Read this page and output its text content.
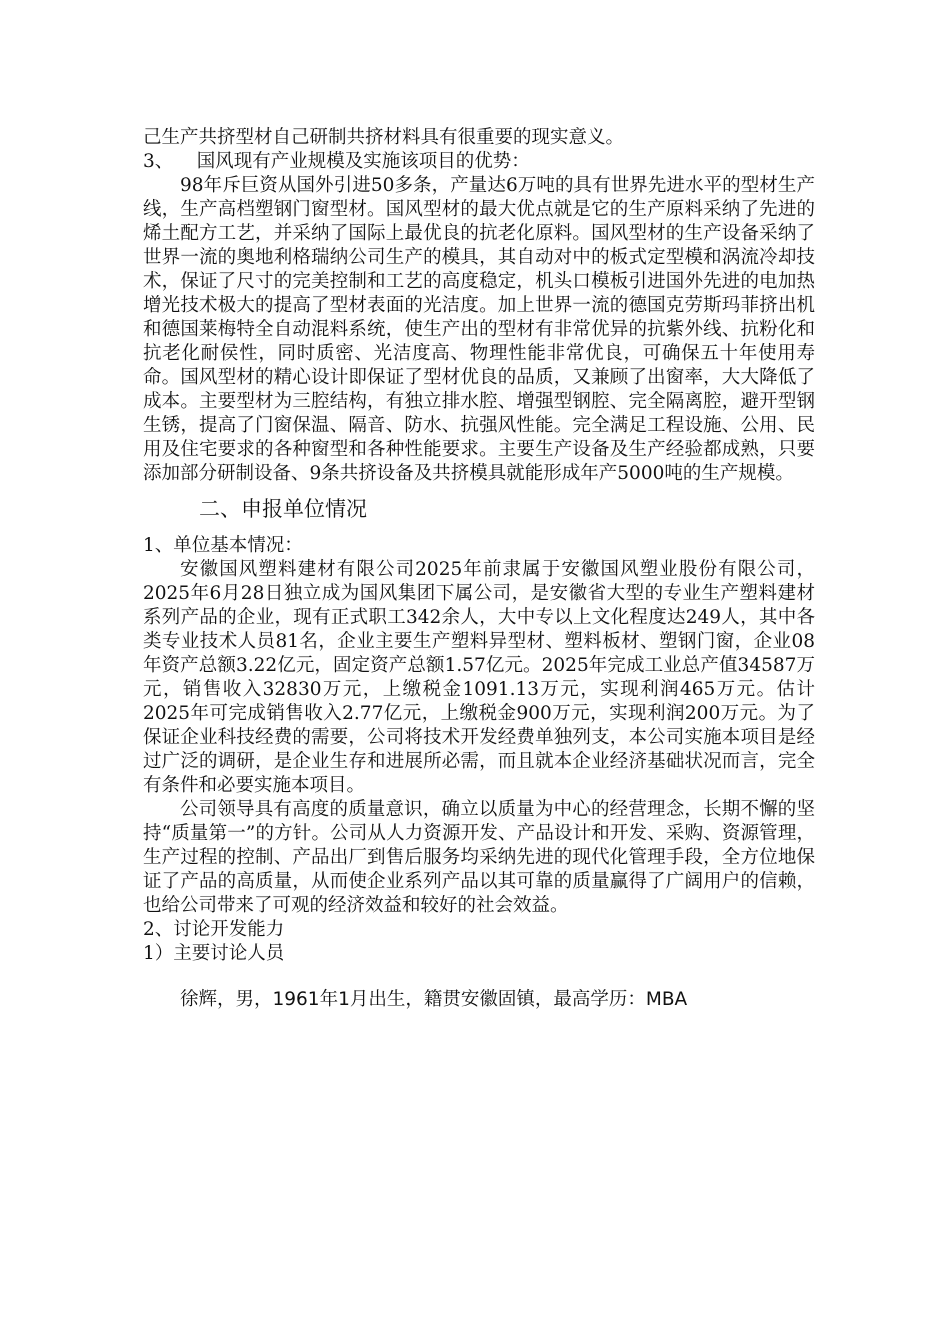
己生产共挤型材自己研制共挤材料具有很重要的现实意义。

3、    国风现有产业规模及实施该项目的优势：

98年斥巨资从国外引进50多条，产量达6万吨的具有世界先进水平的型材生产线，生产高档塑钢门窗型材。国风型材的最大优点就是它的生产原料采纳了先进的烯土配方工艺，并采纳了国际上最优良的抗老化原料。国风型材的生产设备采纳了世界一流的奥地利格瑞纳公司生产的模具，其自动对中的板式定型模和涡流冷却技术，保证了尺寸的完美控制和工艺的高度稳定，机头口模板引进国外先进的电加热增光技术极大的提高了型材表面的光洁度。加上世界一流的德国克劳斯玛菲挤出机和德国莱梅特全自动混料系统，使生产出的型材有非常优异的抗紫外线、抗粉化和抗老化耐侯性，同时质密、光洁度高、物理性能非常优良，可确保五十年使用寿命。国风型材的精心设计即保证了型材优良的品质，又兼顾了出窗率，大大降低了成本。主要型材为三腔结构，有独立排水腔、增强型钢腔、完全隔离腔，避开型钢生锈，提高了门窗保温、隔音、防水、抗强风性能。完全满足工程设施、公用、民用及住宅要求的各种窗型和各种性能要求。主要生产设备及生产经验都成熟，只要添加部分研制设备、9条共挤设备及共挤模具就能形成年产5000吨的生产规模。

二、申报单位情况

1、单位基本情况：

安徽国风塑料建材有限公司2025年前隶属于安徽国风塑业股份有限公司，2025年6月28日独立成为国风集团下属公司，是安徽省大型的专业生产塑料建材系列产品的企业，现有正式职工342余人，大中专以上文化程度达249人，其中各类专业技术人员81名，企业主要生产塑料异型材、塑料板材、塑钢门窗，企业08年资产总额3.22亿元，固定资产总额1.57亿元。2025年完成工业总产值34587万元，销售收入32830万元，上缴税金1091.13万元，实现利润465万元。估计2025年可完成销售收入2.77亿元，上缴税金900万元，实现利润200万元。为了保证企业科技经费的需要，公司将技术开发经费单独列支，本公司实施本项目是经过广泛的调研，是企业生存和进展所必需，而且就本企业经济基础状况而言，完全有条件和必要实施本项目。

公司领导具有高度的质量意识，确立以质量为中心的经营理念，长期不懈的坚持“质量第一”的方针。公司从人力资源开发、产品设计和开发、采购、资源管理，生产过程的控制、产品出厂到售后服务均采纳先进的现代化管理手段，全方位地保证了产品的高质量，从而使企业系列产品以其可靠的质量赢得了广阔用户的信赖，也给公司带来了可观的经济效益和较好的社会效益。

2、讨论开发能力

1）主要讨论人员

徐辉，男，1961年1月出生，籍贯安徽固镇，最高学历：MBA
